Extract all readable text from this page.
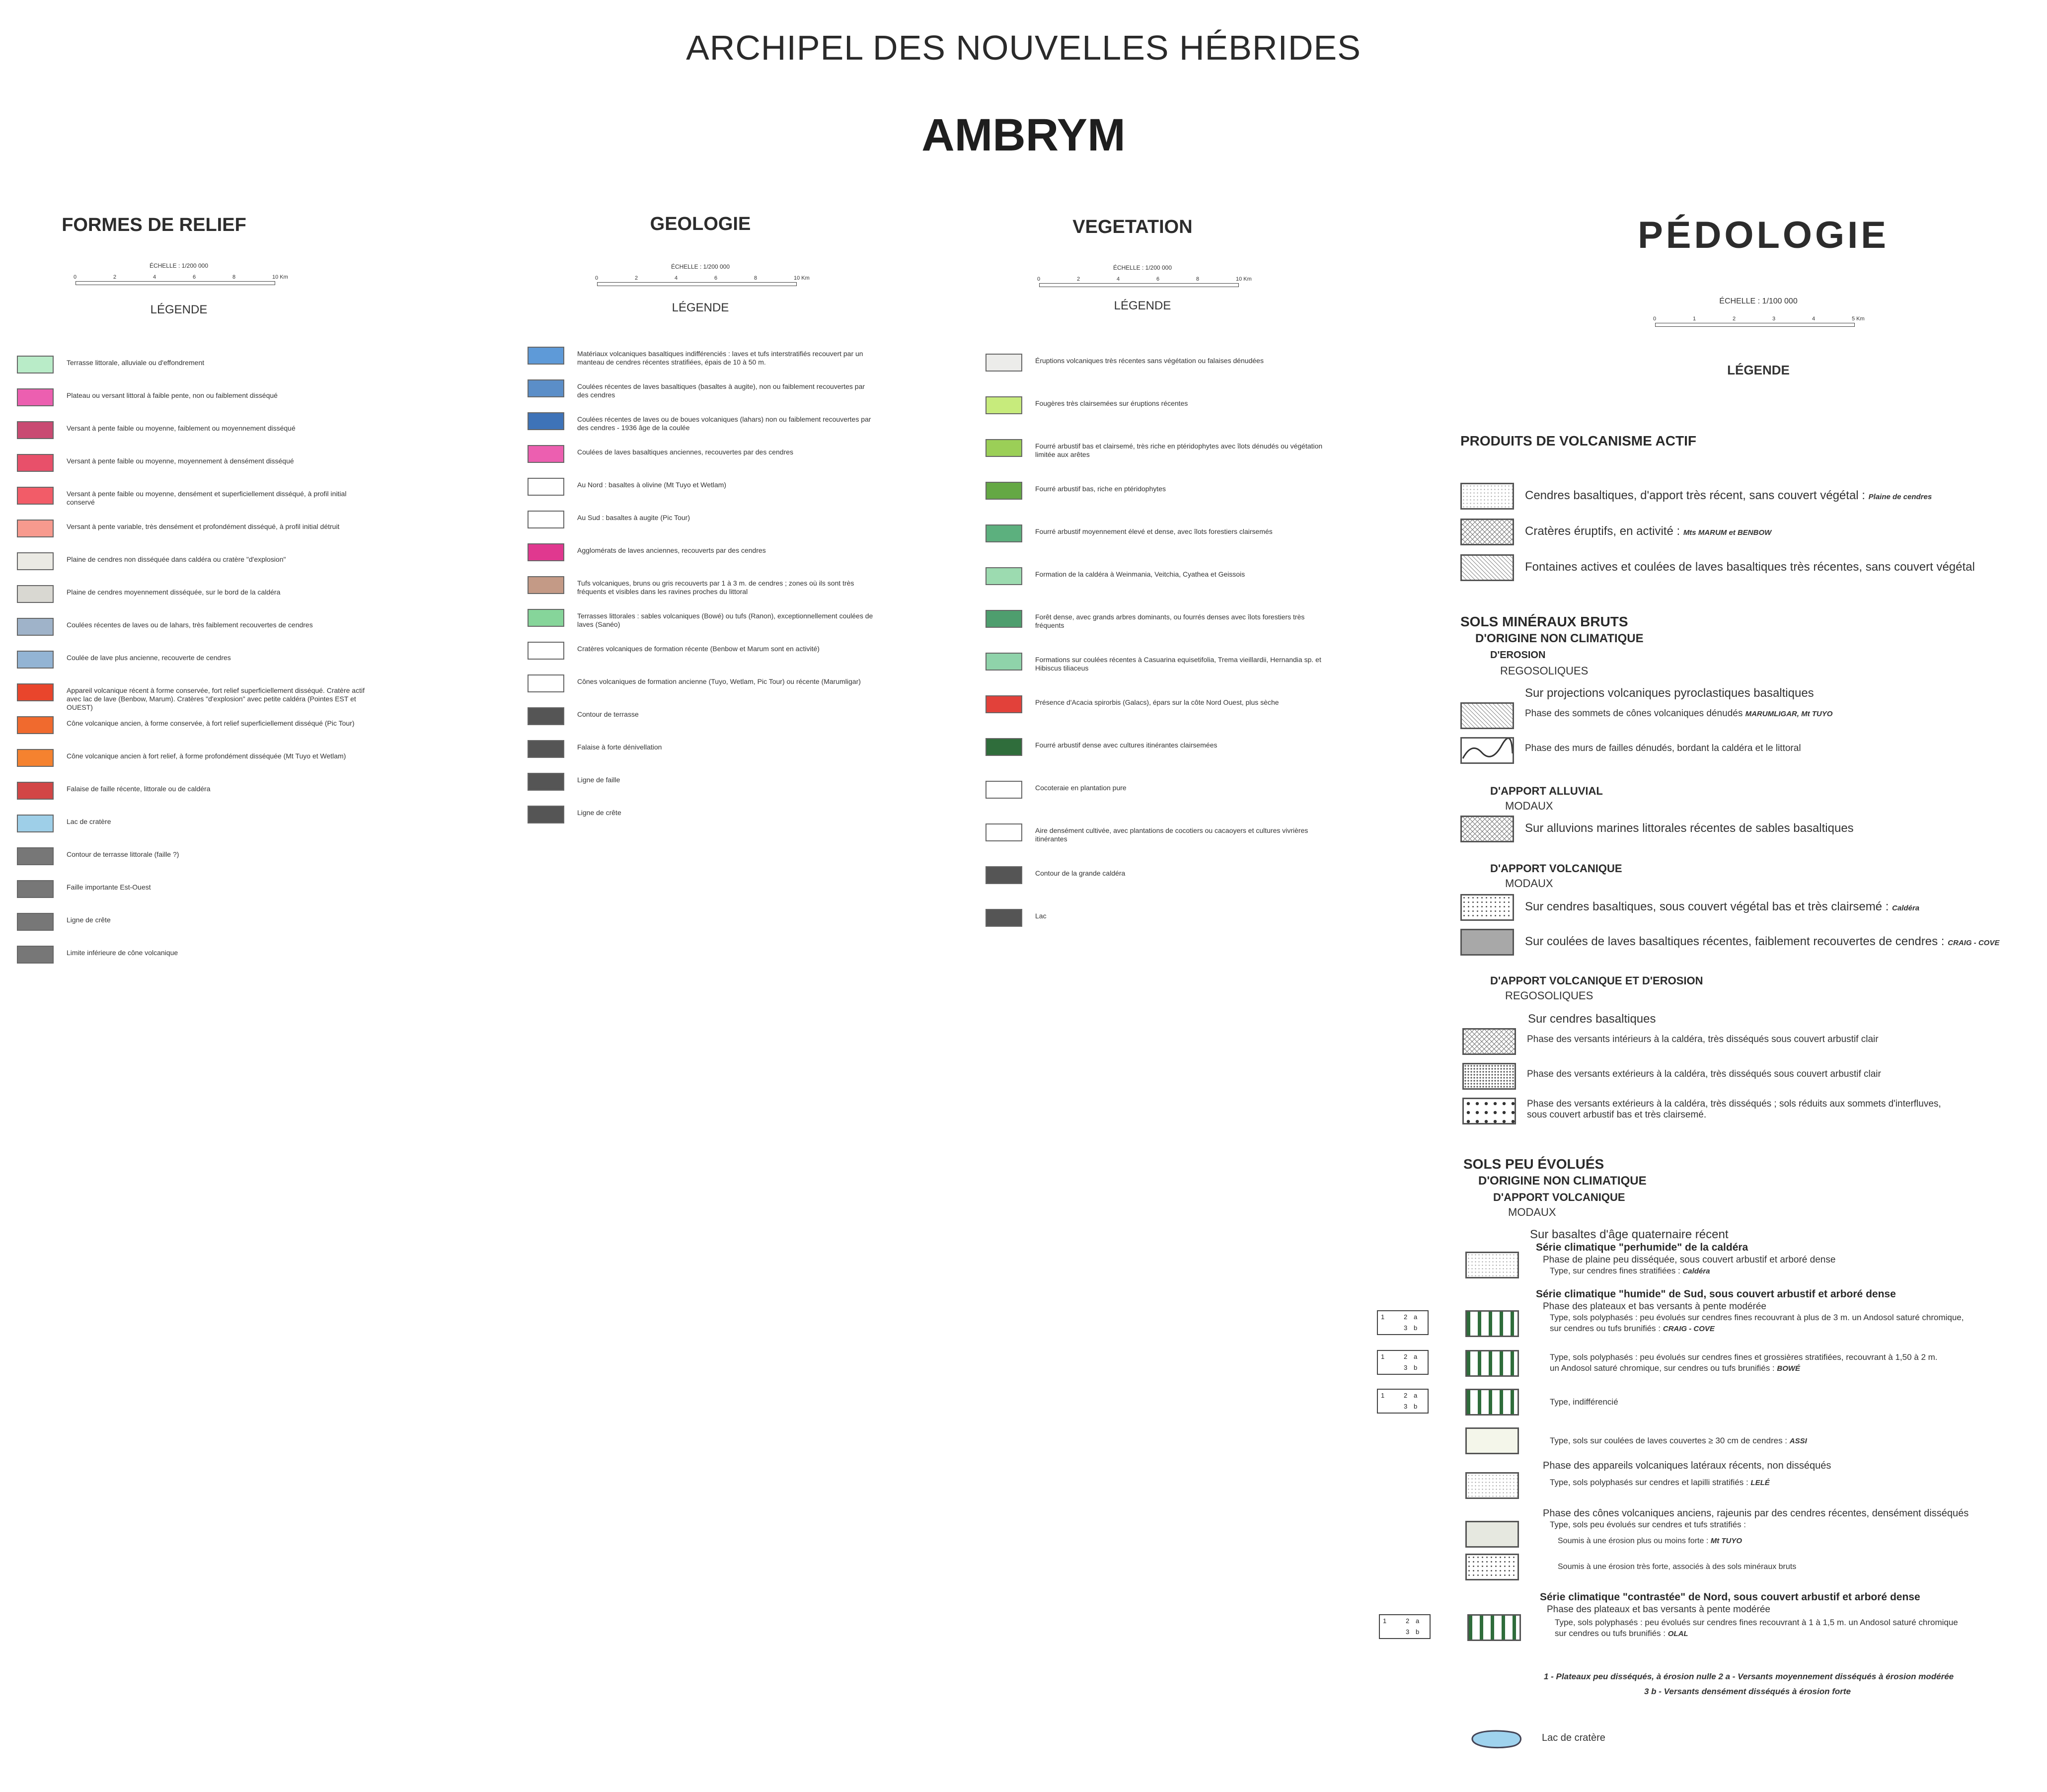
ARCHIPEL DES NOUVELLES HÉBRIDES
AMBRYM
FORMES DE RELIEF
ÉCHELLE : 1/200 000
LÉGENDE
Terrasse littorale, alluviale ou d'effondrement
Plateau ou versant littoral à faible pente, non ou faiblement disséqué
Versant à pente faible ou moyenne, faiblement ou moyennement disséqué
Versant à pente faible ou moyenne, moyennement à densément disséqué
Versant à pente faible ou moyenne, densément et superficiellement disséqué, à profil initial conservé
Versant à pente variable, très densément et profondément disséqué, à profil initial détruit
Plaine de cendres non disséquée dans caldéra ou cratère "d'explosion"
Plaine de cendres moyennement disséquée, sur le bord de la caldéra
Coulées récentes de laves ou de lahars, très faiblement recouvertes de cendres
Coulée de lave plus ancienne, recouverte de cendres
Appareil volcanique récent à forme conservée, fort relief superficiellement disséqué. Cratère actif avec lac de lave (Benbow, Marum). Cratères "d'explosion" avec petite caldéra (Pointes EST et OUEST)
Cône volcanique ancien, à forme conservée, à fort relief superficiellement disséqué (Pic Tour)
Cône volcanique ancien à fort relief, à forme profondément disséquée (Mt Tuyo et Wetlam)
Falaise de faille récente, littorale ou de caldéra
Lac de cratère
Contour de terrasse littorale (faille ?)
Faille importante Est-Ouest
Ligne de crête
Limite inférieure de cône volcanique
GEOLOGIE
ÉCHELLE : 1/200 000
LÉGENDE
Matériaux volcaniques basaltiques indifférenciés : laves et tufs interstratifiés recouvert par un manteau de cendres récentes stratifiées, épais de 10 à 50 m.
Coulées récentes de laves basaltiques (basaltes à augite), non ou faiblement recouvertes par des cendres
Coulées récentes de laves ou de boues volcaniques (lahars) non ou faiblement recouvertes par des cendres - 1936 âge de la coulée
Coulées de laves basaltiques anciennes, recouvertes par des cendres
Au Nord : basaltes à olivine (Mt Tuyo et Wetlam)
Au Sud : basaltes à augite (Pic Tour)
Agglomérats de laves anciennes, recouverts par des cendres
Tufs volcaniques, bruns ou gris recouverts par 1 à 3 m. de cendres ; zones où ils sont très fréquents et visibles dans les ravines proches du littoral
Terrasses littorales : sables volcaniques (Bowé) ou tufs (Ranon), exceptionnellement coulées de laves (Sanéo)
Cratères volcaniques de formation récente (Benbow et Marum sont en activité)
Cônes volcaniques de formation ancienne (Tuyo, Wetlam, Pic Tour) ou récente (Marumligar)
Contour de terrasse
Falaise à forte dénivellation
Ligne de faille
Ligne de crête
VEGETATION
ÉCHELLE : 1/200 000
LÉGENDE
Éruptions volcaniques très récentes sans végétation ou falaises dénudées
Fougères très clairsemées sur éruptions récentes
Fourré arbustif bas et clairsemé, très riche en ptéridophytes avec îlots dénudés ou végétation limitée aux arêtes
Fourré arbustif bas, riche en ptéridophytes
Fourré arbustif moyennement élevé et dense, avec îlots forestiers clairsemés
Formation de la caldéra à Weinmania, Veitchia, Cyathea et Geissois
Forêt dense, avec grands arbres dominants, ou fourrés denses avec îlots forestiers très fréquents
Formations sur coulées récentes à Casuarina equisetifolia, Trema vieillardii, Hernandia sp. et Hibiscus tiliaceus
Présence d'Acacia spirorbis (Galacs), épars sur la côte Nord Ouest, plus sèche
Fourré arbustif dense avec cultures itinérantes clairsemées
Cocoteraie en plantation pure
Aire densément cultivée, avec plantations de cocotiers ou cacaoyers et cultures vivrières itinérantes
Contour de la grande caldéra
Lac
PÉDOLOGIE
ÉCHELLE : 1/100 000
LÉGENDE
PRODUITS DE VOLCANISME ACTIF
Cendres basaltiques, d'apport très récent, sans couvert végétal : Plaine de cendres
Cratères éruptifs, en activité : Mts MARUM et BENBOW
Fontaines actives et coulées de laves basaltiques très récentes, sans couvert végétal
SOLS MINÉRAUX BRUTS
D'ORIGINE NON CLIMATIQUE
D'EROSION
REGOSOLIQUES
Sur projections volcaniques pyroclastiques basaltiques
Phase des sommets de cônes volcaniques dénudés MARUMLIGAR, Mt TUYO
Phase des murs de failles dénudés, bordant la caldéra et le littoral
D'APPORT ALLUVIAL
MODAUX
Sur alluvions marines littorales récentes de sables basaltiques
D'APPORT VOLCANIQUE
MODAUX
Sur cendres basaltiques, sous couvert végétal bas et très clairsemé : Caldéra
Sur coulées de laves basaltiques récentes, faiblement recouvertes de cendres : CRAIG - COVE
D'APPORT VOLCANIQUE ET D'EROSION
REGOSOLIQUES
Sur cendres basaltiques
Phase des versants intérieurs à la caldéra, très disséqués sous couvert arbustif clair
Phase des versants extérieurs à la caldéra, très disséqués sous couvert arbustif clair
Phase des versants extérieurs à la caldéra, très disséqués ; sols réduits aux sommets d'interfluves,
sous couvert arbustif bas et très clairsemé.
SOLS PEU ÉVOLUÉS
D'ORIGINE NON CLIMATIQUE
D'APPORT VOLCANIQUE
MODAUX
Sur basaltes d'âge quaternaire récent
Série climatique "perhumide" de la caldéra
Phase de plaine peu disséquée, sous couvert arbustif et arboré dense
Type, sur cendres fines stratifiées : Caldéra
Série climatique "humide" de Sud, sous couvert arbustif et arboré dense
Phase des plateaux et bas versants à pente modérée
1	2 a
3 b
Type, sols polyphasés : peu évolués sur cendres fines recouvrant à plus de 3 m. un Andosol saturé chromique,
sur cendres ou tufs brunifiés : CRAIG - COVE
1	2 a
3 b
Type, sols polyphasés : peu évolués sur cendres fines et grossières stratifiées, recouvrant à 1,50 à 2 m.
un Andosol saturé chromique, sur cendres ou tufs brunifiés : BOWÉ
1	2 a
3 b	Type, indifférencié
Type, sols sur coulées de laves couvertes ≥ 30 cm de cendres : ASSI
Phase des appareils volcaniques latéraux récents, non disséqués
Type, sols polyphasés sur cendres et lapilli stratifiés : LELÉ
Phase des cônes volcaniques anciens, rajeunis par des cendres récentes, densément disséqués
Type, sols peu évolués sur cendres et tufs stratifiés :
Soumis à une érosion plus ou moins forte : Mt TUYO
Soumis à une érosion très forte, associés à des sols minéraux bruts
Série climatique "contrastée" de Nord, sous couvert arbustif et arboré dense
Phase des plateaux et bas versants à pente modérée
1	2 a
3 b
Type, sols polyphasés : peu évolués sur cendres fines recouvrant à 1 à 1,5 m. un Andosol saturé chromique
sur cendres ou tufs brunifiés : OLAL
1 - Plateaux peu disséqués, à érosion nulle 2 a - Versants moyennement disséqués à érosion modérée
3 b - Versants densément disséqués à érosion forte
Lac de cratère
0	2	4	6	8	10 Km	0	2	4	6	8	10 Km	0	2	4	6	8	10 Km
0	1	2	3	4	5 Km
